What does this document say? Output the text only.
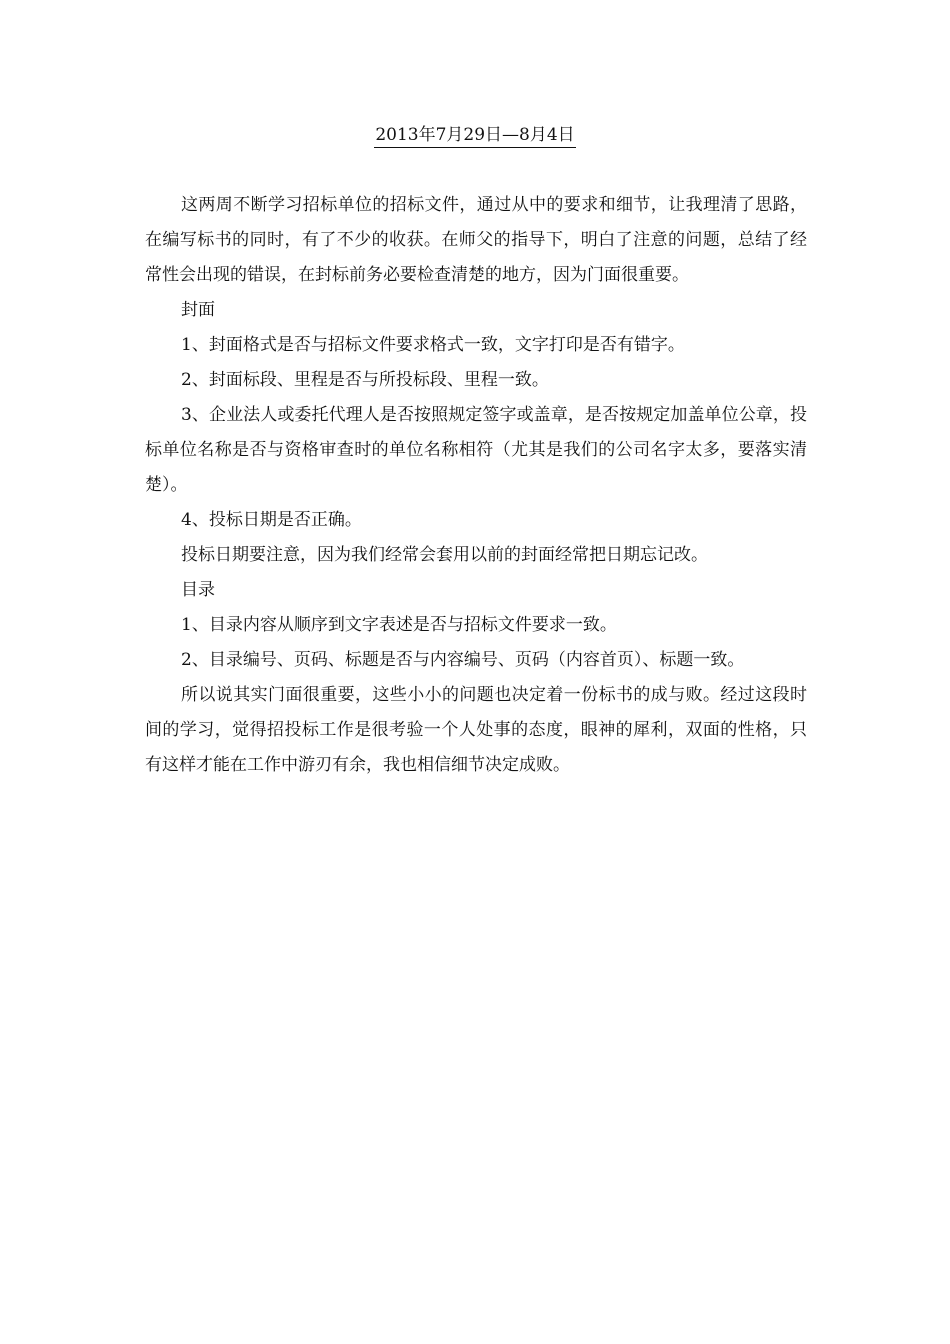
2013年7月29日—8月4日

这两周不断学习招标单位的招标文件，通过从中的要求和细节，让我理清了思路，在编写标书的同时，有了不少的收获。在师父的指导下，明白了注意的问题，总结了经常性会出现的错误，在封标前务必要检查清楚的地方，因为门面很重要。

封面

1、封面格式是否与招标文件要求格式一致，文字打印是否有错字。

2、封面标段、里程是否与所投标段、里程一致。

3、企业法人或委托代理人是否按照规定签字或盖章，是否按规定加盖单位公章，投标单位名称是否与资格审查时的单位名称相符（尤其是我们的公司名字太多，要落实清楚）。

4、投标日期是否正确。

投标日期要注意，因为我们经常会套用以前的封面经常把日期忘记改。

目录

1、目录内容从顺序到文字表述是否与招标文件要求一致。

2、目录编号、页码、标题是否与内容编号、页码（内容首页）、标题一致。

所以说其实门面很重要，这些小小的问题也决定着一份标书的成与败。经过这段时间的学习，觉得招投标工作是很考验一个人处事的态度，眼神的犀利，双面的性格，只有这样才能在工作中游刃有余，我也相信细节决定成败。
